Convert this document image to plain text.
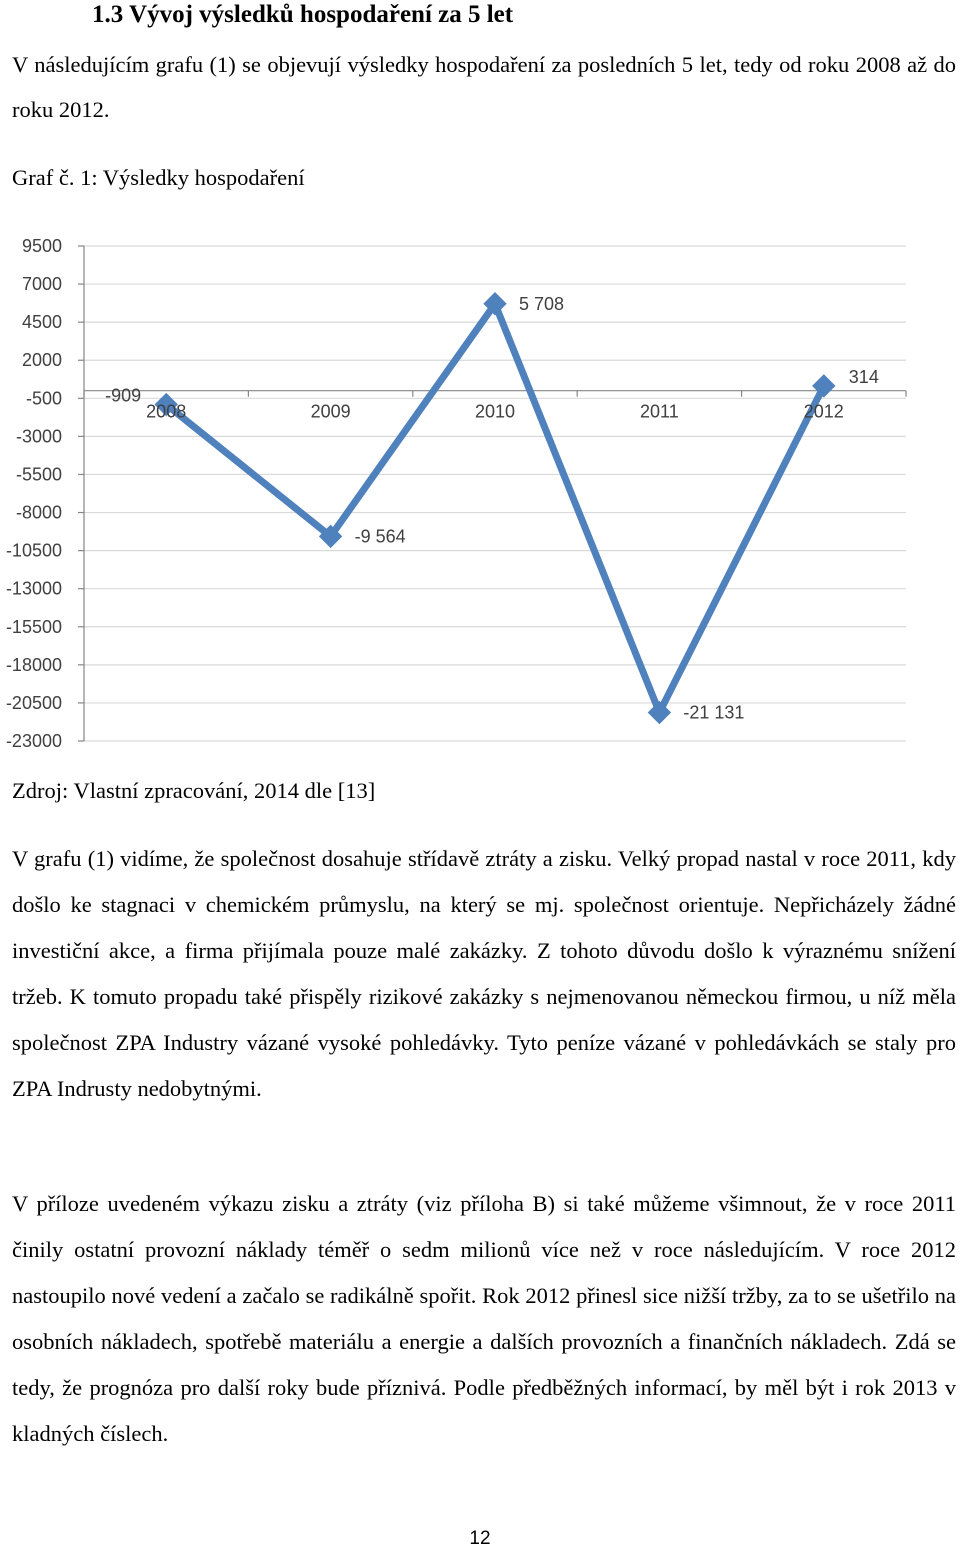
1.3 Vývoj výsledků hospodaření za 5 let
V následujícím grafu (1) se objevují výsledky hospodaření za posledních 5 let, tedy od roku 2008 až do roku 2012.
Graf č. 1: Výsledky hospodaření
9500
7000
4500
2000
-500
-3000
-5500
-8000
-10500
-13000
-15500
-18000
-20500
-23000
2008	2009	2010	2011	2012
-909
-9 564
5 708
-21 131
314
Zdroj: Vlastní zpracování, 2014 dle [13]
V grafu (1) vidíme, že společnost dosahuje střídavě ztráty a zisku. Velký propad nastal v roce 2011, kdy došlo ke stagnaci v chemickém průmyslu, na který se mj. společnost orientuje. Nepřicházely žádné investiční akce, a firma přijímala pouze malé zakázky. Z tohoto důvodu došlo k výraznému snížení tržeb. K tomuto propadu také přispěly rizikové zakázky s nejmenovanou německou firmou, u níž měla společnost ZPA Industry vázané vysoké pohledávky. Tyto peníze vázané v pohledávkách se staly pro ZPA Indrusty nedobytnými.
V příloze uvedeném výkazu zisku a ztráty (viz příloha B) si také můžeme všimnout, že v roce 2011 činily ostatní provozní náklady téměř o sedm milionů více než v roce následujícím. V roce 2012 nastoupilo nové vedení a začalo se radikálně spořit. Rok 2012 přinesl sice nižší tržby, za to se ušetřilo na osobních nákladech, spotřebě materiálu a energie a dalších provozních a finančních nákladech. Zdá se tedy, že prognóza pro další roky bude příznivá. Podle předběžných informací, by měl být i rok 2013 v kladných číslech.
12
